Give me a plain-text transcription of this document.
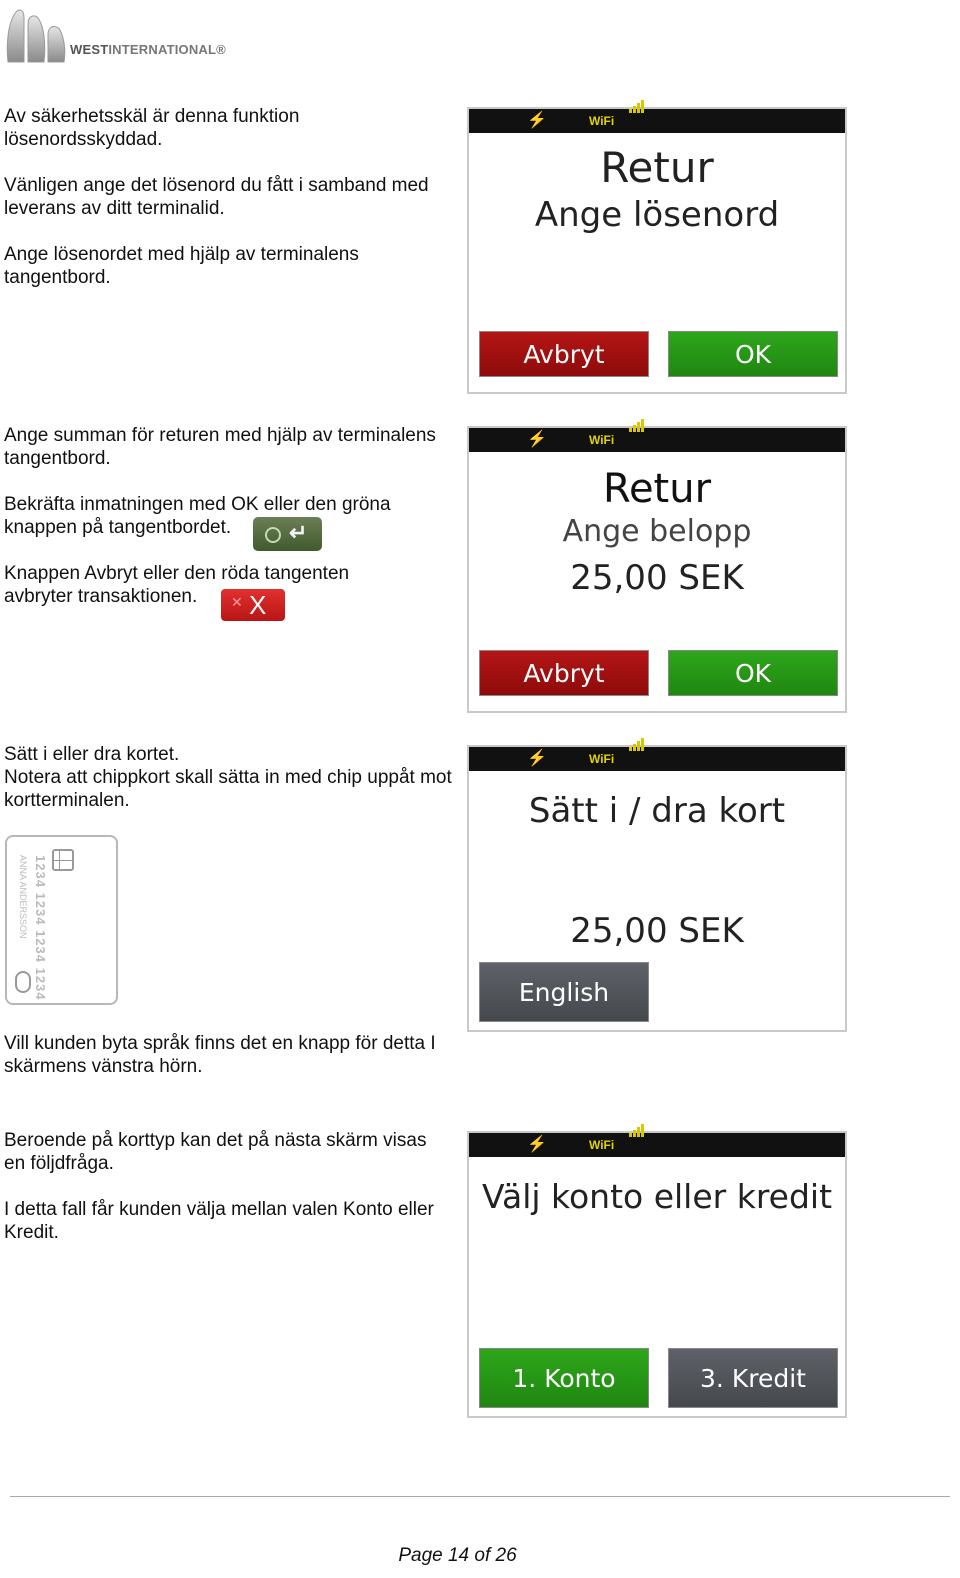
WESTINTERNATIONAL®

Av säkerhetsskäl är denna funktion lösenordsskyddad.

Vänligen ange det lösenord du fått i samband med leverans av ditt terminalid.

Ange lösenordet med hjälp av terminalens tangentbord.

⚡	WiFi
Retur
Ange lösenord
Avbryt	OK

Ange summan för returen med hjälp av terminalens tangentbord.

Bekräfta inmatningen med OK eller den gröna knappen på tangentbordet.

Knappen Avbryt eller den röda tangenten avbryter transaktionen.

↵
✕ X
⚡	WiFi
Retur
Ange belopp
25,00 SEK
Avbryt	OK

Sätt i eller dra kortet.

Notera att chippkort skall sätta in med chip uppåt mot kortterminalen.

1234 1234 1234 1234
ANNA ANDERSSON
⚡	WiFi
Sätt i / dra kort
25,00 SEK
English

Vill kunden byta språk finns det en knapp för detta I skärmens vänstra hörn.

Beroende på korttyp kan det på nästa skärm visas en följdfråga.

I detta fall får kunden välja mellan valen Konto eller Kredit.

⚡	WiFi
Välj konto eller kredit
1. Konto	3. Kredit
Page 14 of 26
